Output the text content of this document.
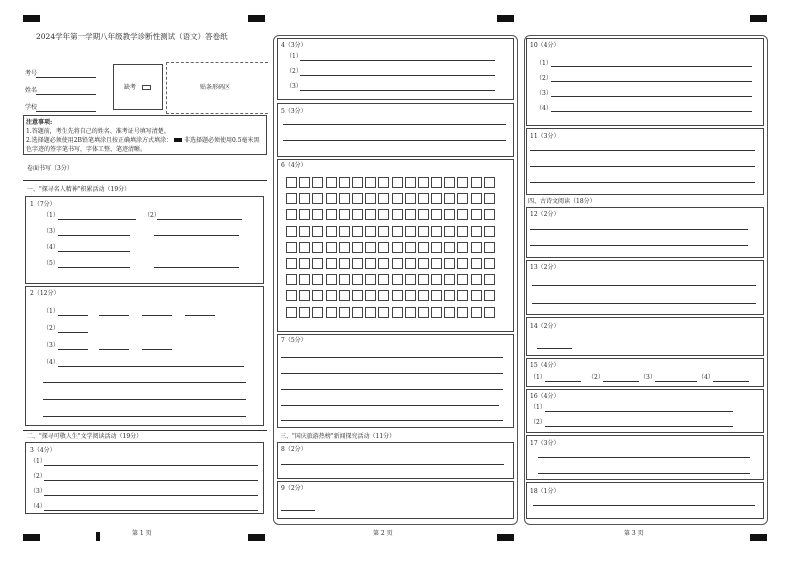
2024学年第一学期八年级教学诊断性测试（语文）答卷纸
考号
姓名
学校
缺考	贴条形码区
注意事项:
1.答题前，考生先将自己的姓名、准考证号填写清楚。
2.选择题必须使用2B铅笔填涂且按正确填涂方式填涂： 非选择题必须使用0.5毫米黑
色字迹的签字笔书写，字体工整、笔迹清晰。
卷面书写（3分）
一、"探寻名人精神"积累活动（19分）
1（7分）
（1）	（2）
（3）
（4）
（5）
2（12分）
（1）
（2）
（3）
（4）
二、"探寻可敬人生"文学阅读活动（19分）
3（4分）
（1）
（2）
（3）
（4）
第 1 页
4（3分）
（1）
（2）
（3）
5（3分）
6（4分）
7（5分）
三、"国庆旅游热榜"新闻探究活动（11分）
8（2分）
9（2分）
第 2 页
10（4分）
（1）
（2）
（3）
（4）
11（3分）
四、古诗文阅读（18分）
12（2分）
13（2分）
14（2分）
15（4分）
（1）	（2）	（3）	（4）
16（4分）
（1）
（2）
17（3分）
18（1分）
第 3 页
